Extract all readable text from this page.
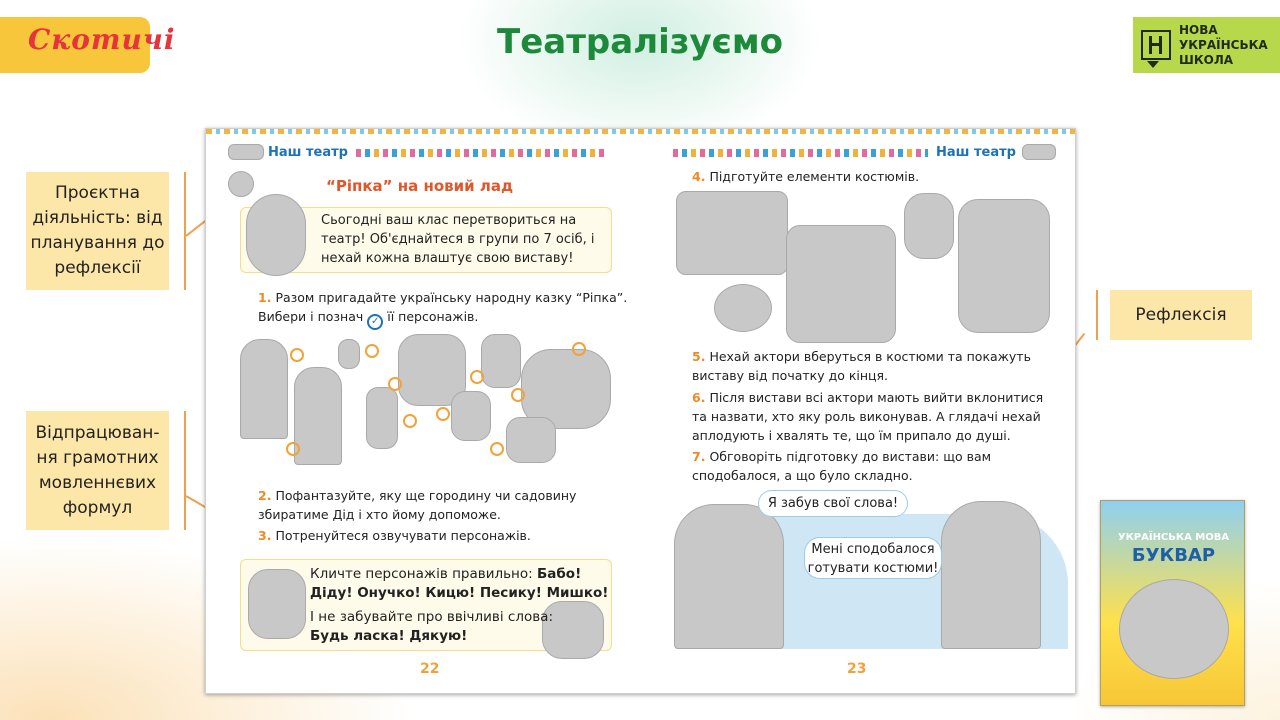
Скотичі	Театралізуємо	НОВА
УКРАЇНСЬКА
ШКОЛА
Проєктна діяльність: від планування до рефлексії
Відпрацюван-ня грамотних мовленнєвих формул
Рефлексія
Наш театр
“Ріпка” на новий лад
Сьогодні ваш клас перетвориться на театр! Об'єднайтеся в групи по 7 осіб, і нехай кожна влаштує свою виставу!
1. Разом пригадайте українську народну казку “Ріпка”.
Вибери і познач ✓ її персонажів.
2. Пофантазуйте, яку ще городину чи садовину збиратиме Дід і хто йому допоможе.
3. Потренуйтеся озвучувати персонажів.
Кличте персонажів правильно: Бабо!
Діду! Онучко! Кицю! Песику! Мишко!
І не забувайте про ввічливі слова:
Будь ласка! Дякую!
22
Наш театр
4. Підготуйте елементи костюмів.
5. Нехай актори вберуться в костюми та покажуть виставу від початку до кінця.
6. Після вистави всі актори мають вийти вклонитися та назвати, хто яку роль виконував. А глядачі нехай аплодують і хвалять те, що їм припало до душі.
7. Обговоріть підготовку до вистави: що вам сподобалося, а що було складно.
Я забув свої слова!
Мені сподобалося готувати костюми!
23
УКРАЇНСЬКА МОВА
БУКВАР
